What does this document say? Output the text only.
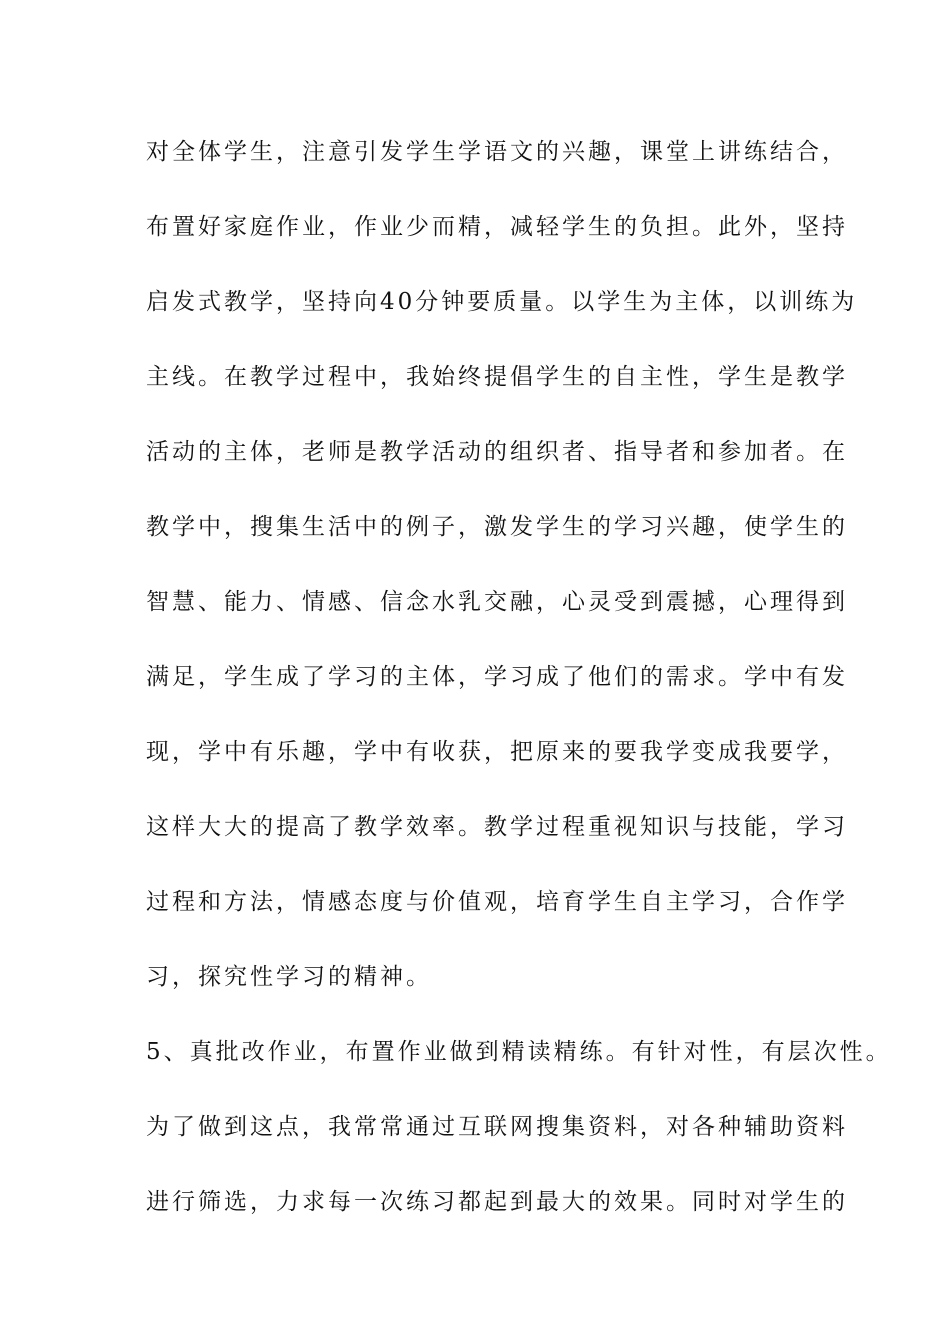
对全体学生，注意引发学生学语文的兴趣，课堂上讲练结合，
布置好家庭作业，作业少而精，减轻学生的负担。此外，坚持
启发式教学，坚持向40分钟要质量。以学生为主体，以训练为
主线。在教学过程中，我始终提倡学生的自主性，学生是教学
活动的主体，老师是教学活动的组织者、指导者和参加者。在
教学中，搜集生活中的例子，激发学生的学习兴趣，使学生的
智慧、能力、情感、信念水乳交融，心灵受到震撼，心理得到
满足，学生成了学习的主体，学习成了他们的需求。学中有发
现，学中有乐趣，学中有收获，把原来的要我学变成我要学，
这样大大的提高了教学效率。教学过程重视知识与技能，学习
过程和方法，情感态度与价值观，培育学生自主学习，合作学
习，探究性学习的精神。
5、真批改作业，布置作业做到精读精练。有针对性，有层次性。
为了做到这点，我常常通过互联网搜集资料，对各种辅助资料
进行筛选，力求每一次练习都起到最大的效果。同时对学生的
